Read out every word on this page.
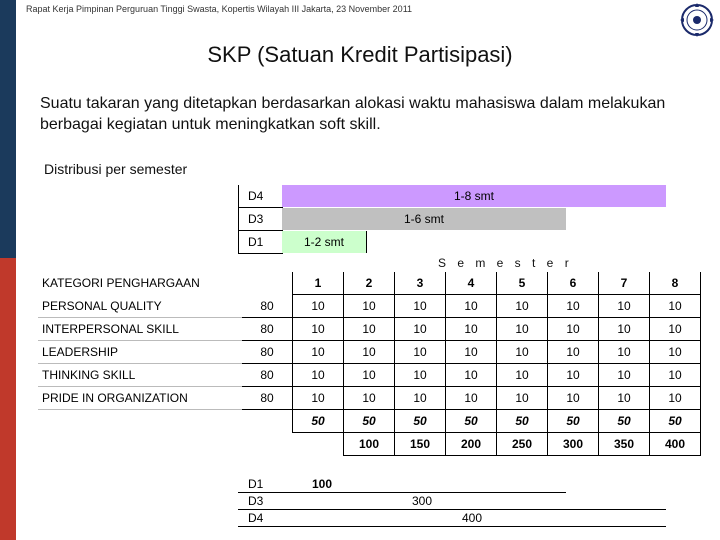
Rapat Kerja Pimpinan Perguruan Tinggi Swasta, Kopertis Wilayah III Jakarta, 23 November 2011
SKP (Satuan Kredit Partisipasi)
Suatu takaran yang ditetapkan berdasarkan alokasi waktu mahasiswa dalam melakukan berbagai kegiatan untuk meningkatkan soft skill.
Distribusi per semester
D4	1-8 smt
D3	1-6 smt
D1	1-2 smt
S e m e s t e r
KATEGORI PENGHARGAAN		1	2	3	4	5	6	7	8
PERSONAL QUALITY	80	10	10	10	10	10	10	10	10
INTERPERSONAL SKILL	80	10	10	10	10	10	10	10	10
LEADERSHIP	80	10	10	10	10	10	10	10	10
THINKING SKILL	80	10	10	10	10	10	10	10	10
PRIDE IN ORGANIZATION	80	10	10	10	10	10	10	10	10
		50	50	50	50	50	50	50	50
			100	150	200	250	300	350	400
D1	100
D3	300
D4	400
